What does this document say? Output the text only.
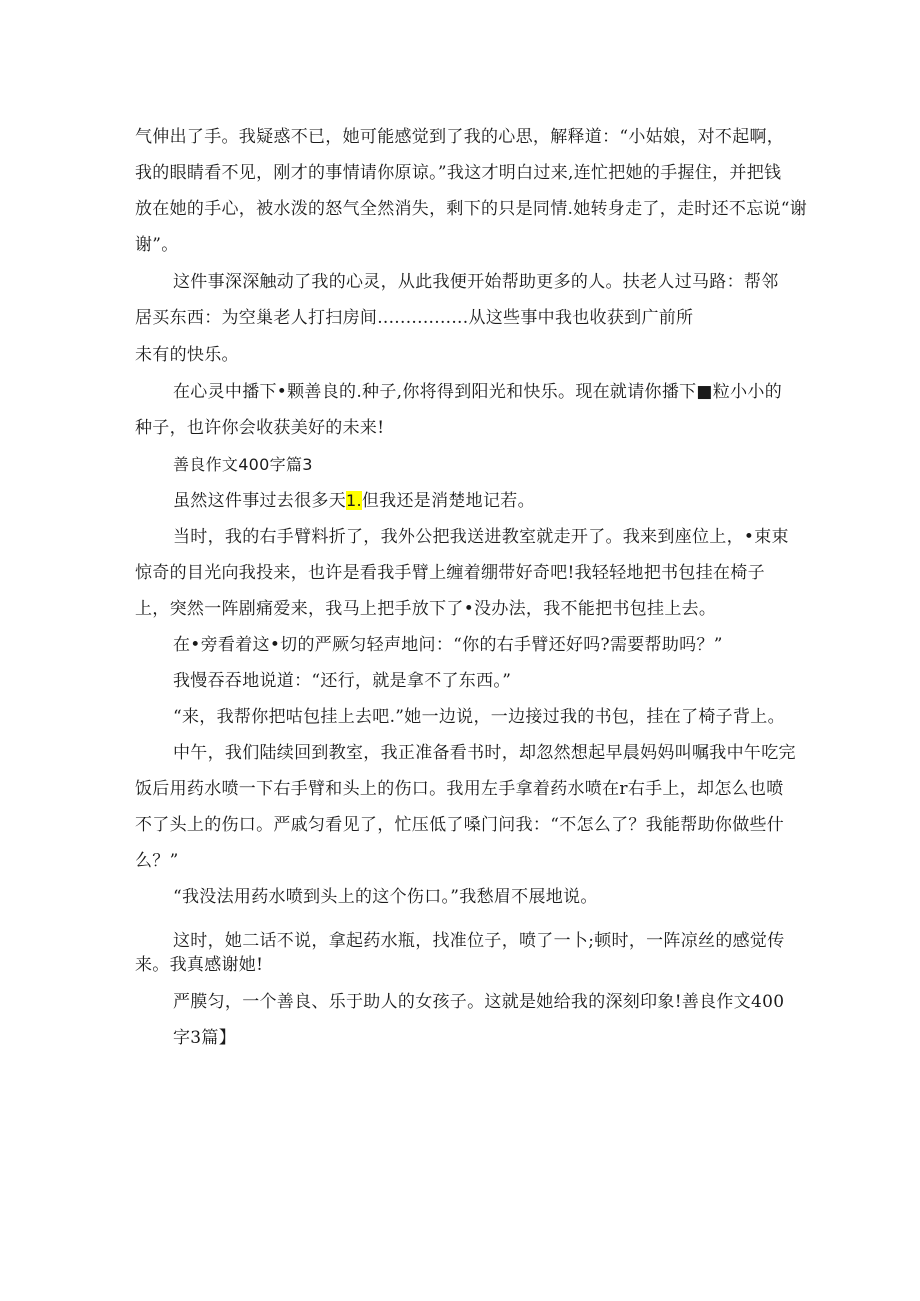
气伸出了手。我疑惑不已，她可能感觉到了我的心思，解释道：“小姑娘，对不起啊，
我的眼睛看不见，刚才的事情请你原谅。”我这才明白过来,连忙把她的手握住，并把钱
放在她的手心，被水泼的怒气全然消失，剩下的只是同情.她转身走了，走时还不忘说“谢
谢”。
这件事深深触动了我的心灵，从此我便开始帮助更多的人。扶老人过马路：帮邻
居买东西：为空巢老人打扫房间................从这些事中我也收获到广前所
未有的快乐。
在心灵中播下•颗善良的.种子,你将得到阳光和快乐。现在就请你播下■粒小小的
种子，也许你会收获美好的未来!
善良作文400字篇3
虽然这件事过去很多天1.但我还是消楚地记若。
当时，我的右手臂料折了，我外公把我送进教室就走开了。我来到座位上，•束束
惊奇的目光向我投来，也许是看我手臂上缠着绷带好奇吧!我轻轻地把书包挂在椅子
上，突然一阵剧痛爱来，我马上把手放下了•没办法，我不能把书包挂上去。
在•旁看着这•切的严厥匀轻声地问：“你的右手臂还好吗?需要帮助吗？”
我慢吞吞地说道：“还行，就是拿不了东西。”
“来，我帮你把咕包挂上去吧.”她一边说，一边接过我的书包，挂在了椅子背上。
中午，我们陆续回到教室，我正准备看书时，却忽然想起早晨妈妈叫嘱我中午吃完
饭后用药水喷一下右手臂和头上的伤口。我用左手拿着药水喷在r右手上，却怎么也喷
不了头上的伤口。严戚匀看见了，忙压低了嗓门问我：“不怎么了？我能帮助你做些什
么？”
“我没法用药水喷到头上的这个伤口。”我愁眉不展地说。
这时，她二话不说，拿起药水瓶，找准位子，喷了一卜;顿时，一阵凉丝的感觉传
来。我真感谢她!
严膜匀，一个善良、乐于助人的女孩子。这就是她给我的深刻印象!善良作文400
字3篇】
